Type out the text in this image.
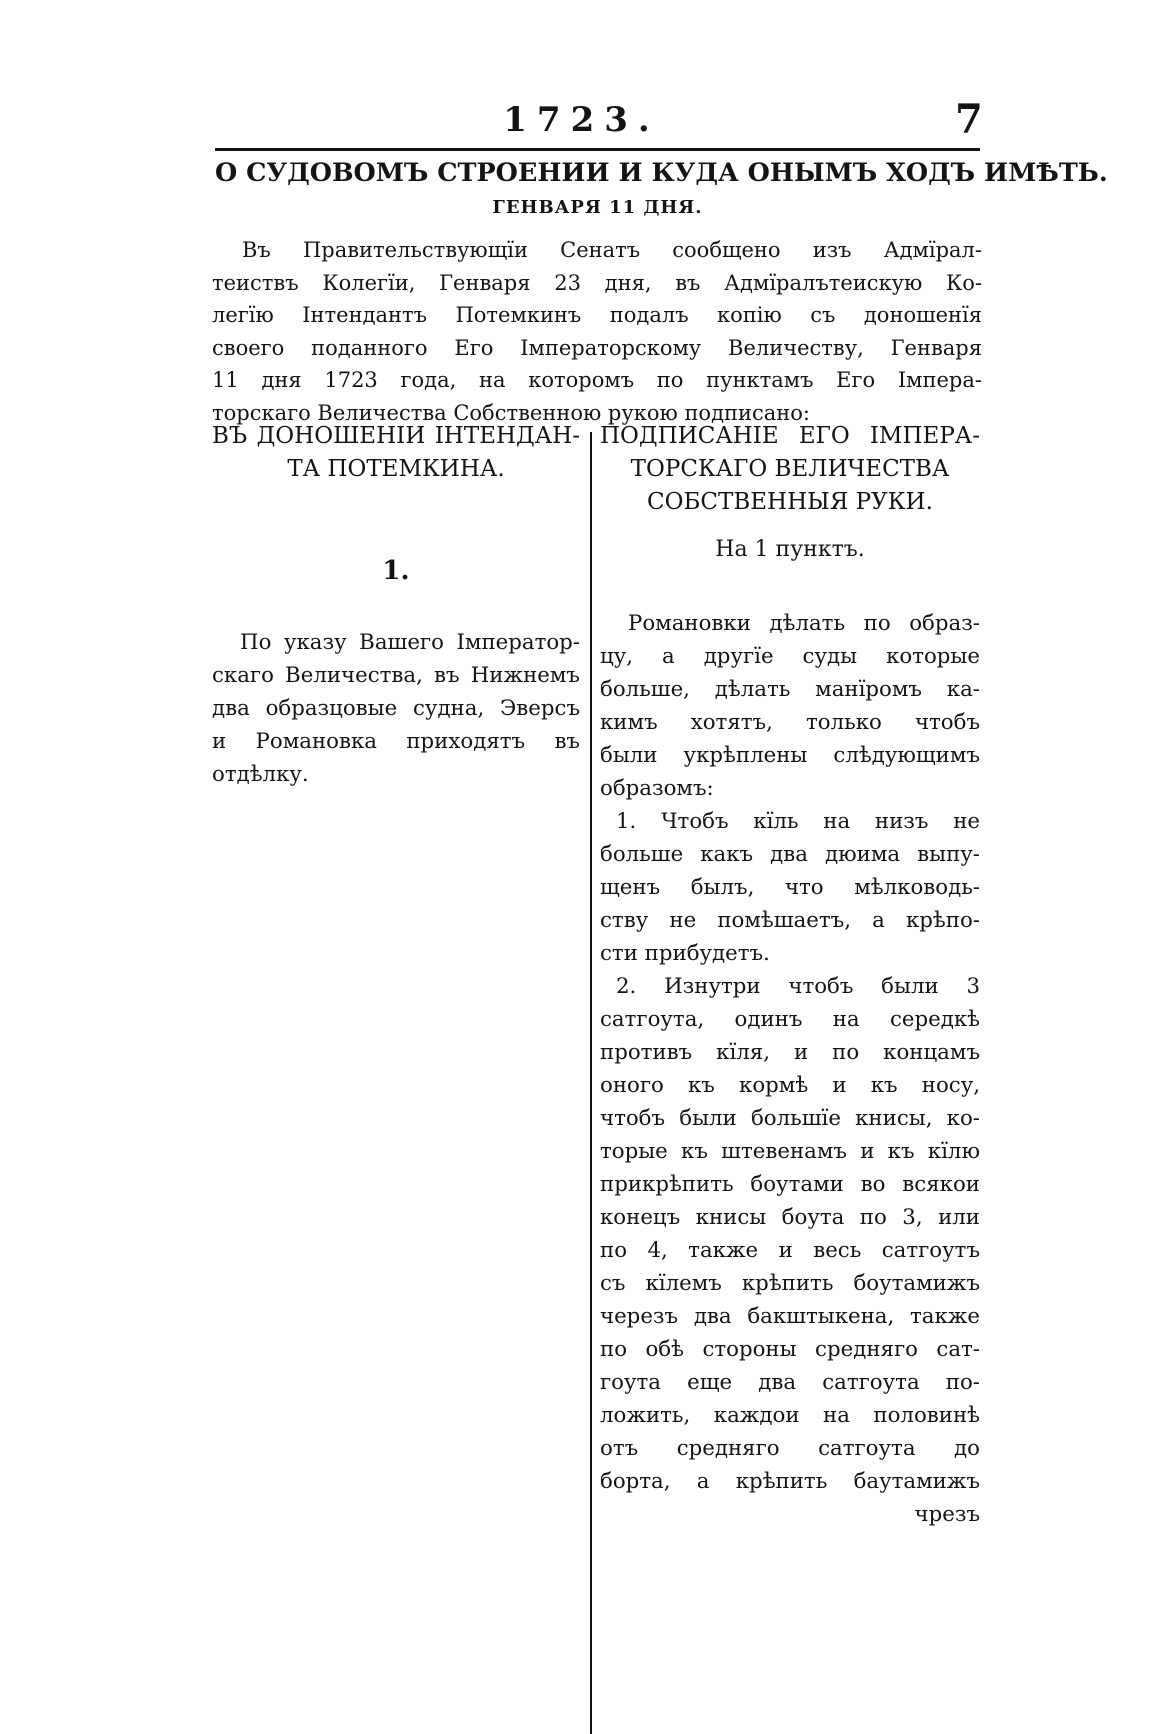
1723.	7
О СУДОВОМЪ СТРОЕНИИ И КУДА ОНЫМЪ ХОДЪ ИМѢТЬ.
ГЕНВАРЯ 11 ДНЯ.
Въ Правительствующїи Сенатъ сообщено изъ Адмїрал-
теиствъ Колегїи, Генваря 23 дня, въ Адмїралътеискую Ко-
легїю Інтендантъ Потемкинъ подалъ копію съ доношенїя
своего поданного Его Імператорскому Величеству, Генваря
11 дня 1723 года, на которомъ по пунктамъ Его Імпера-
торскаго Величества Собственною рукою подписано:
ВЪ ДОНОШЕНІИ ІНТЕНДАН-
ТА ПОТЕМКИНА.
1.
По указу Вашего Імператор-
скаго Величества, въ Нижнемъ
два образцовые судна, Эверсъ
и Романовка приходятъ въ
отдѣлку.
ПОДПИСАНІЕ ЕГО ІМПЕРА-
ТОРСКАГО ВЕЛИЧЕСТВА
СОБСТВЕННЫЯ РУКИ.
На 1 пунктъ.
Романовки дѣлать по образ-
цу, а другїе суды которые
больше, дѣлать манїромъ ка-
кимъ хотятъ, только чтобъ
были укрѣплены слѣдующимъ
образомъ:
1. Чтобъ кїль на низъ не
больше какъ два дюима выпу-
щенъ былъ, что мѣлководь-
ству не помѣшаетъ, а крѣпо-
сти прибудетъ.
2. Изнутри чтобъ были 3
сатгоута, одинъ на середкѣ
противъ кїля, и по концамъ
оного къ кормѣ и къ носу,
чтобъ были большїе книсы, ко-
торые къ штевенамъ и къ кїлю
прикрѣпить боутами во всякои
конецъ книсы боута по 3, или
по 4, также и весь сатгоутъ
съ кїлемъ крѣпить боутамижъ
черезъ два бакштыкена, также
по обѣ стороны средняго сат-
гоута еще два сатгоута по-
ложить, каждои на половинѣ
отъ средняго сатгоута до
борта, а крѣпить баутамижъ
чрезъ
